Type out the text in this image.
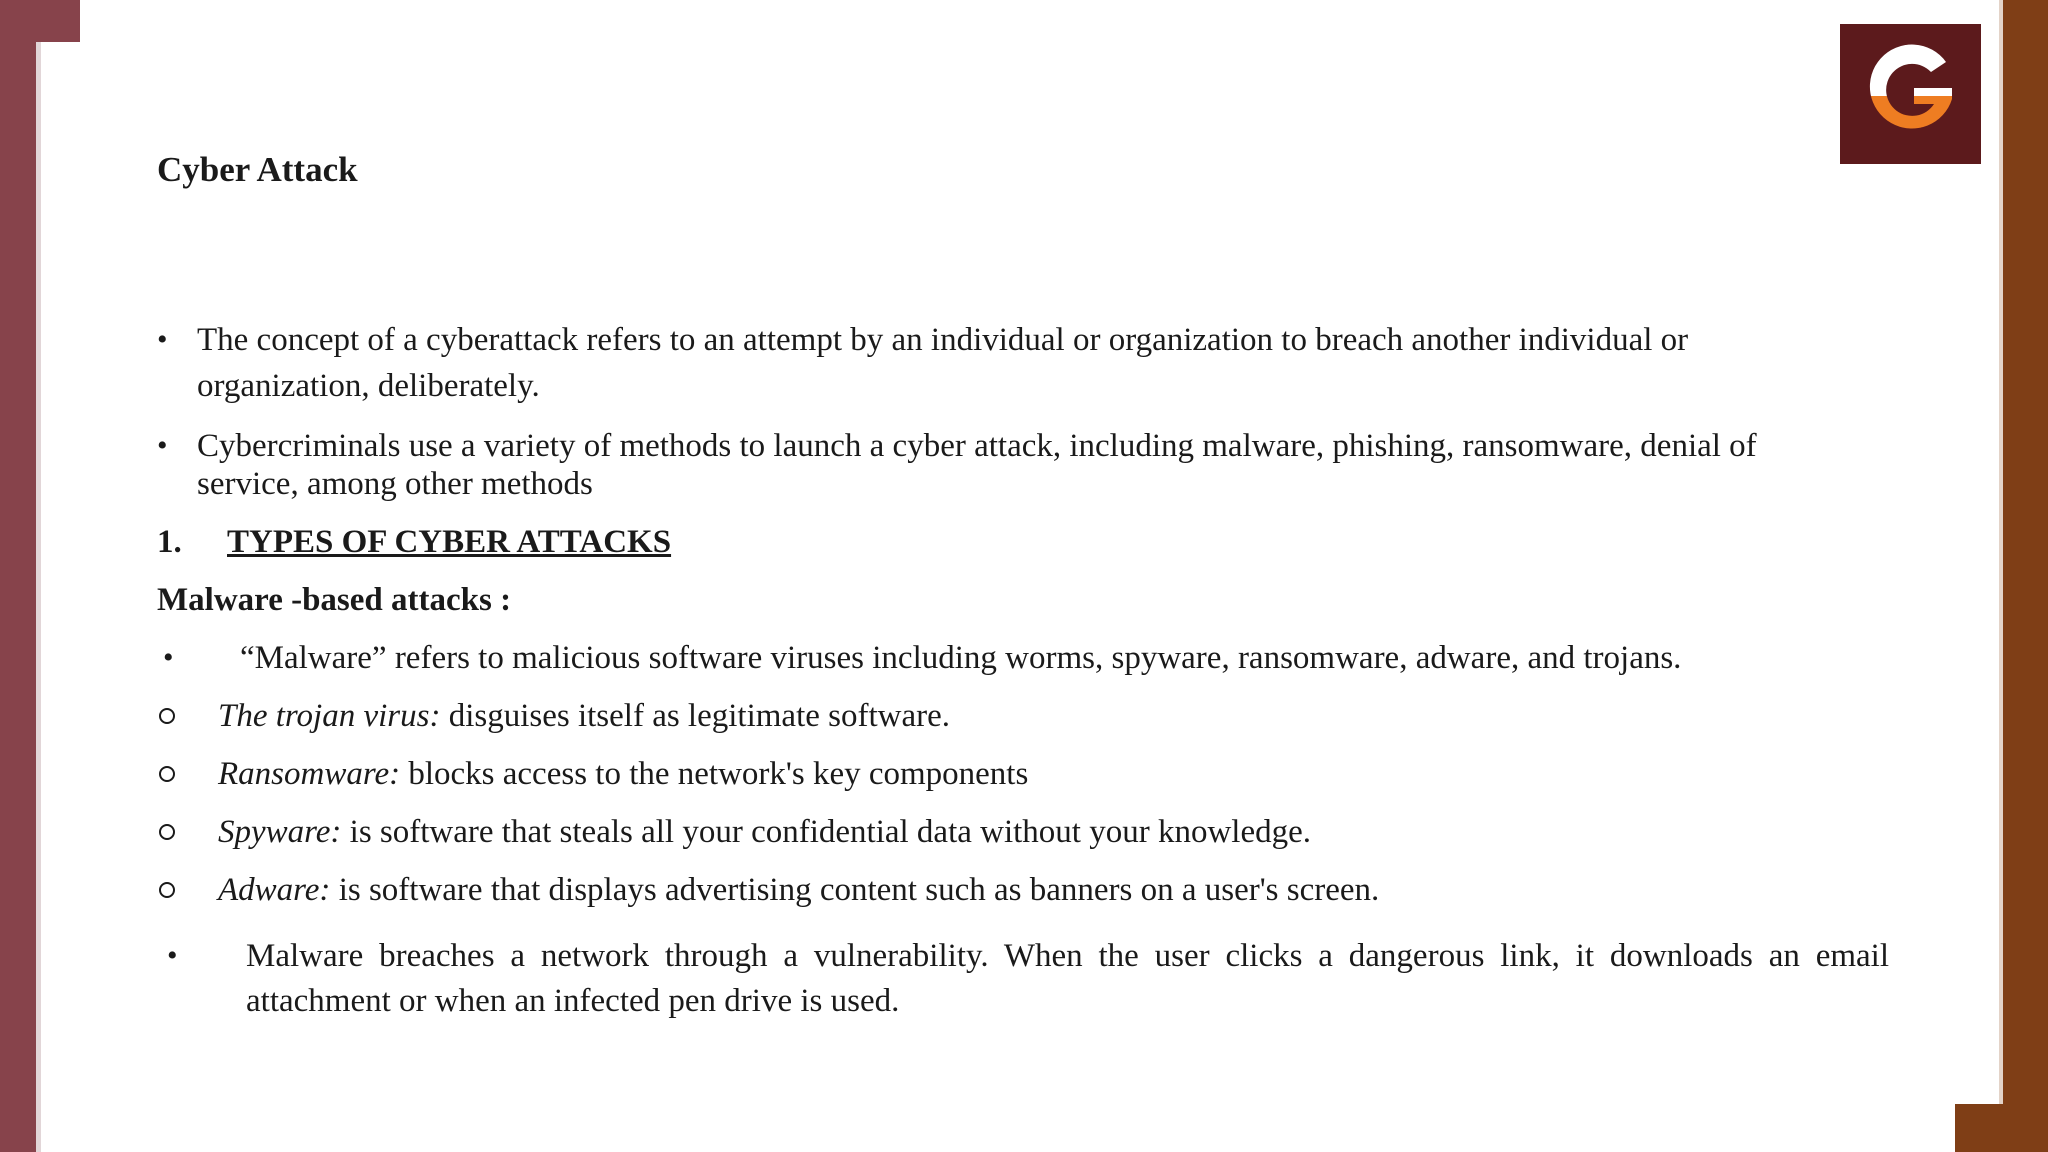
Cyber Attack
• The concept of a cyberattack refers to an attempt by an individual or organization to breach another individual or
organization, deliberately.
• Cybercriminals use a variety of methods to launch a cyber attack, including malware, phishing, ransomware, denial of
service, among other methods
1. TYPES OF CYBER ATTACKS
Malware -based attacks :
• “Malware” refers to malicious software viruses including worms, spyware, ransomware, adware, and trojans.
The trojan virus: disguises itself as legitimate software.
Ransomware: blocks access to the network's key components
Spyware: is software that steals all your confidential data without your knowledge.
Adware: is software that displays advertising content such as banners on a user's screen.
• Malware breaches a network through a vulnerability. When the user clicks a dangerous link, it downloads an email
attachment or when an infected pen drive is used.
